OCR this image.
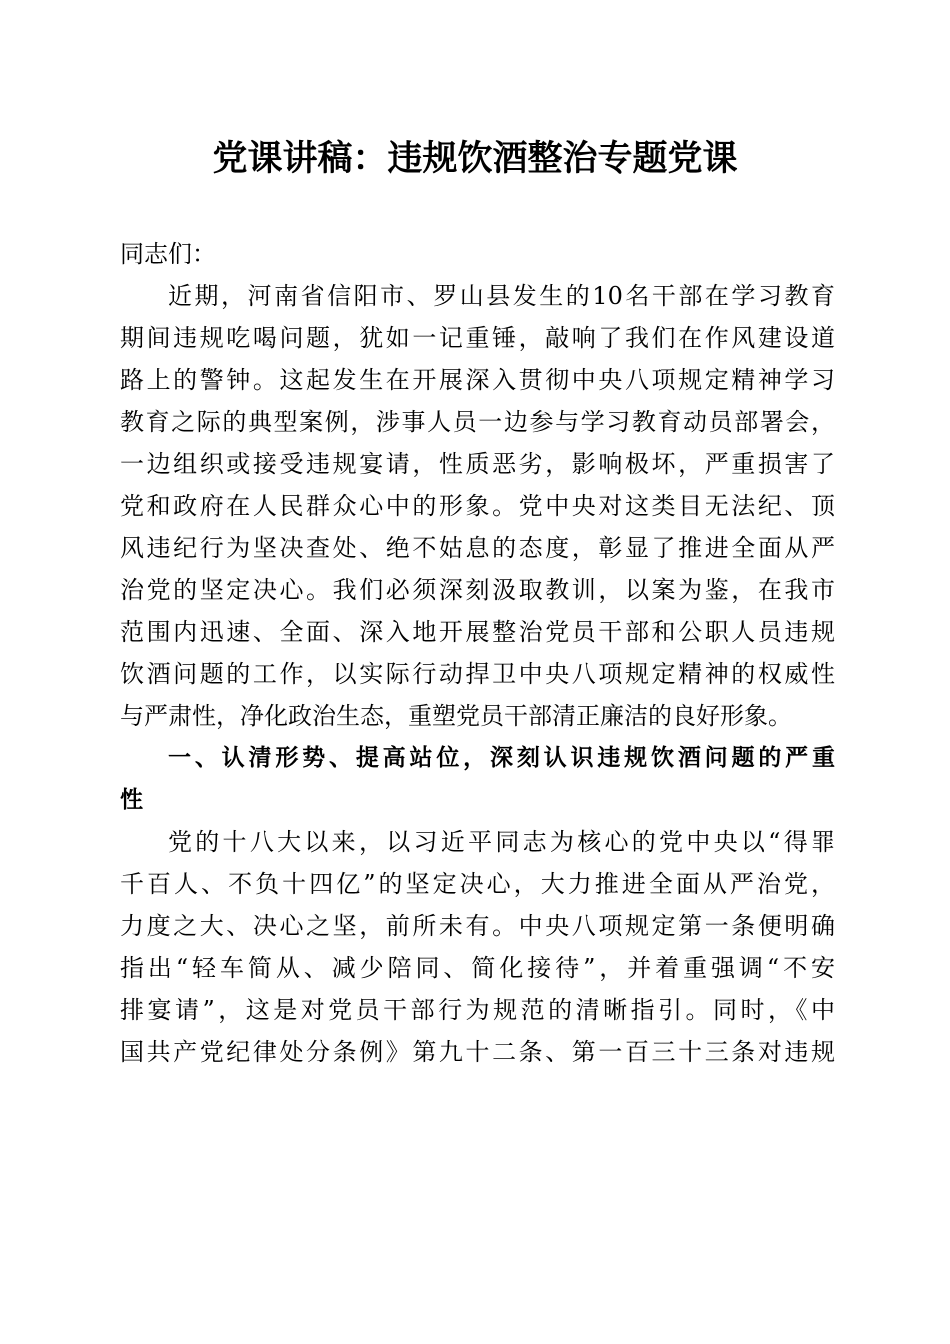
党课讲稿：违规饮酒整治专题党课
同志们：
近期，河南省信阳市、罗山县发生的10名干部在学习教育
期间违规吃喝问题，犹如一记重锤，敲响了我们在作风建设道
路上的警钟。这起发生在开展深入贯彻中央八项规定精神学习
教育之际的典型案例，涉事人员一边参与学习教育动员部署会，
一边组织或接受违规宴请，性质恶劣，影响极坏，严重损害了
党和政府在人民群众心中的形象。党中央对这类目无法纪、顶
风违纪行为坚决查处、绝不姑息的态度，彰显了推进全面从严
治党的坚定决心。我们必须深刻汲取教训，以案为鉴，在我市
范围内迅速、全面、深入地开展整治党员干部和公职人员违规
饮酒问题的工作，以实际行动捍卫中央八项规定精神的权威性
与严肃性，净化政治生态，重塑党员干部清正廉洁的良好形象。
一、认清形势、提高站位，深刻认识违规饮酒问题的严重
性
党的十八大以来，以习近平同志为核心的党中央以“得罪
千百人、不负十四亿”的坚定决心，大力推进全面从严治党，
力度之大、决心之坚，前所未有。中央八项规定第一条便明确
指出“轻车简从、减少陪同、简化接待”，并着重强调“不安
排宴请”，这是对党员干部行为规范的清晰指引。同时，《中
国共产党纪律处分条例》第九十二条、第一百三十三条对违规
